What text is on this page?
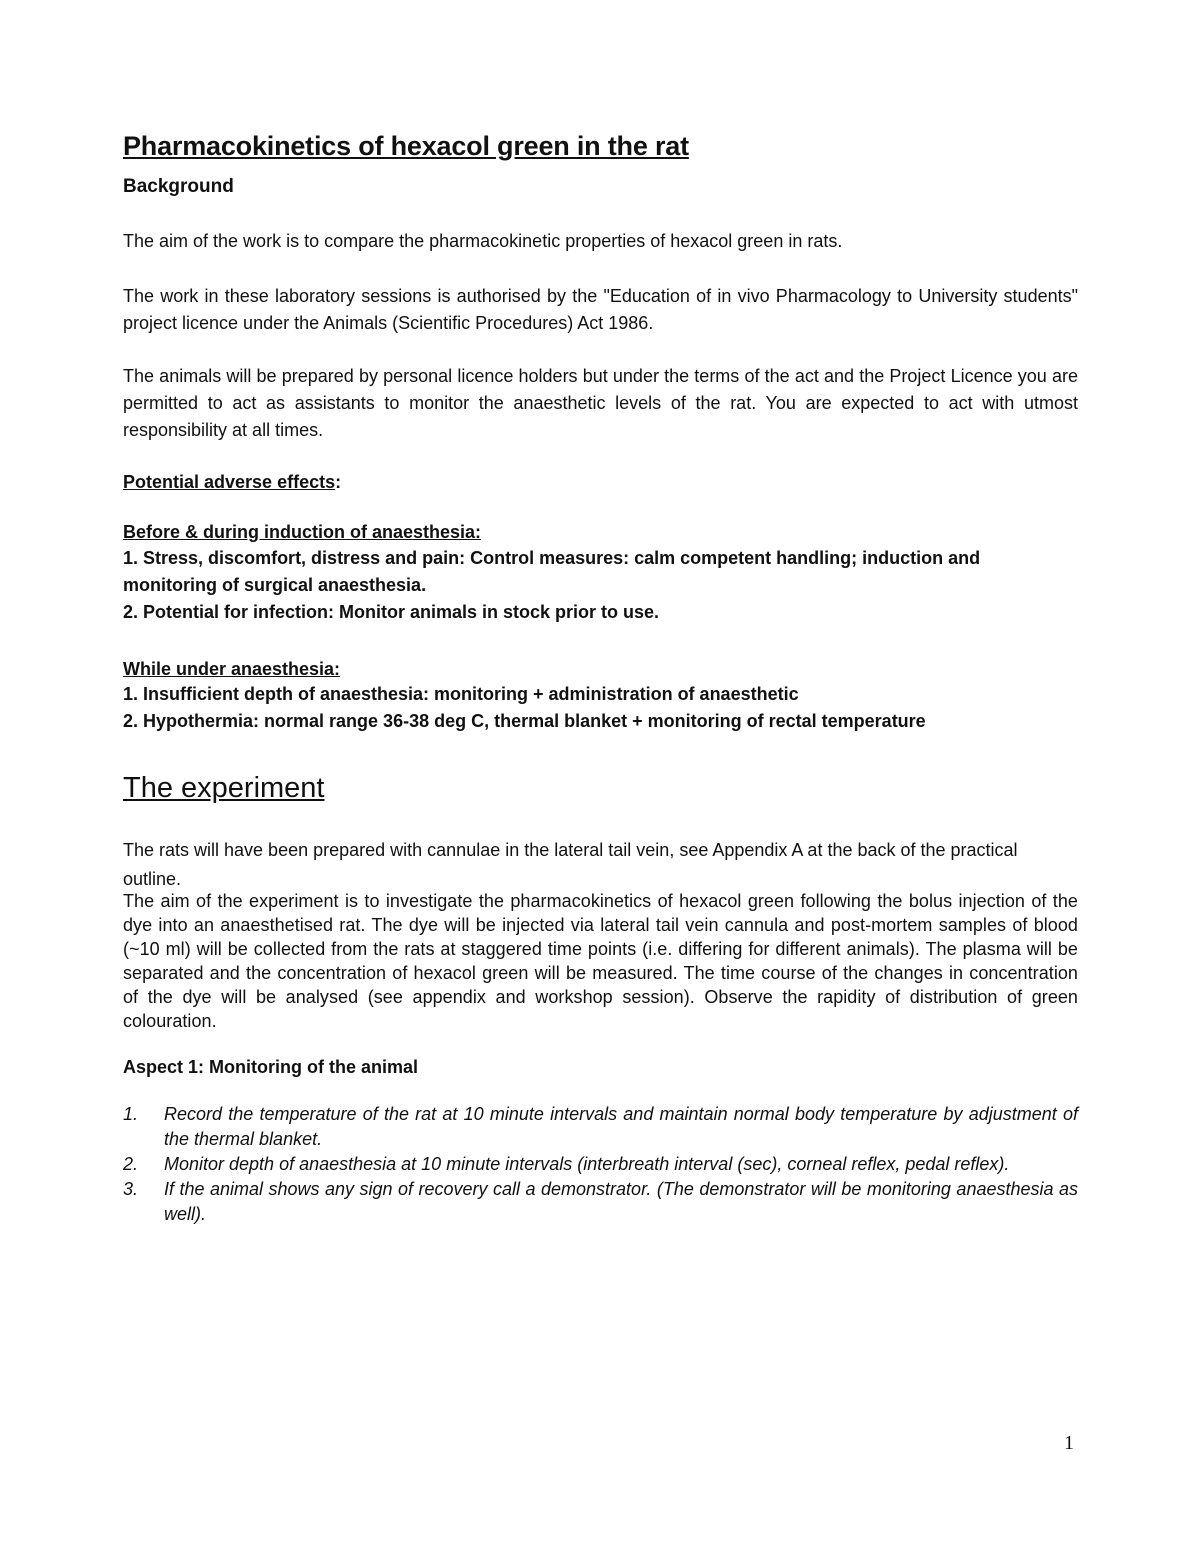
Pharmacokinetics of hexacol green in the rat
Background

The aim of the work is to compare the pharmacokinetic properties of hexacol green in rats.

The work in these laboratory sessions is authorised by the "Education of in vivo Pharmacology to University students" project licence under the Animals (Scientific Procedures) Act 1986.

The animals will be prepared by personal licence holders but under the terms of the act and the Project Licence you are permitted to act as assistants to monitor the anaesthetic levels of the rat. You are expected to act with utmost responsibility at all times.

Potential adverse effects:
Before & during induction of anaesthesia:
1. Stress, discomfort, distress and pain: Control measures: calm competent handling; induction and monitoring of surgical anaesthesia.
2. Potential for infection: Monitor animals in stock prior to use.
While under anaesthesia:
1. Insufficient depth of anaesthesia: monitoring + administration of anaesthetic
2. Hypothermia: normal range 36-38 deg C, thermal blanket + monitoring of rectal temperature
The experiment

The rats will have been prepared with cannulae in the lateral tail vein, see Appendix A at the back of the practical outline.

The aim of the experiment is to investigate the pharmacokinetics of hexacol green following the bolus injection of the dye into an anaesthetised rat. The dye will be injected via lateral tail vein cannula and post-mortem samples of blood (~10 ml) will be collected from the rats at staggered time points (i.e. differing for different animals). The plasma will be separated and the concentration of hexacol green will be measured. The time course of the changes in concentration of the dye will be analysed (see appendix and workshop session). Observe the rapidity of distribution of green colouration.

Aspect 1: Monitoring of the animal
1. Record the temperature of the rat at 10 minute intervals and maintain normal body temperature by adjustment of the thermal blanket.
2. Monitor depth of anaesthesia at 10 minute intervals (interbreath interval (sec), corneal reflex, pedal reflex).
3. If the animal shows any sign of recovery call a demonstrator. (The demonstrator will be monitoring anaesthesia as well).
1
